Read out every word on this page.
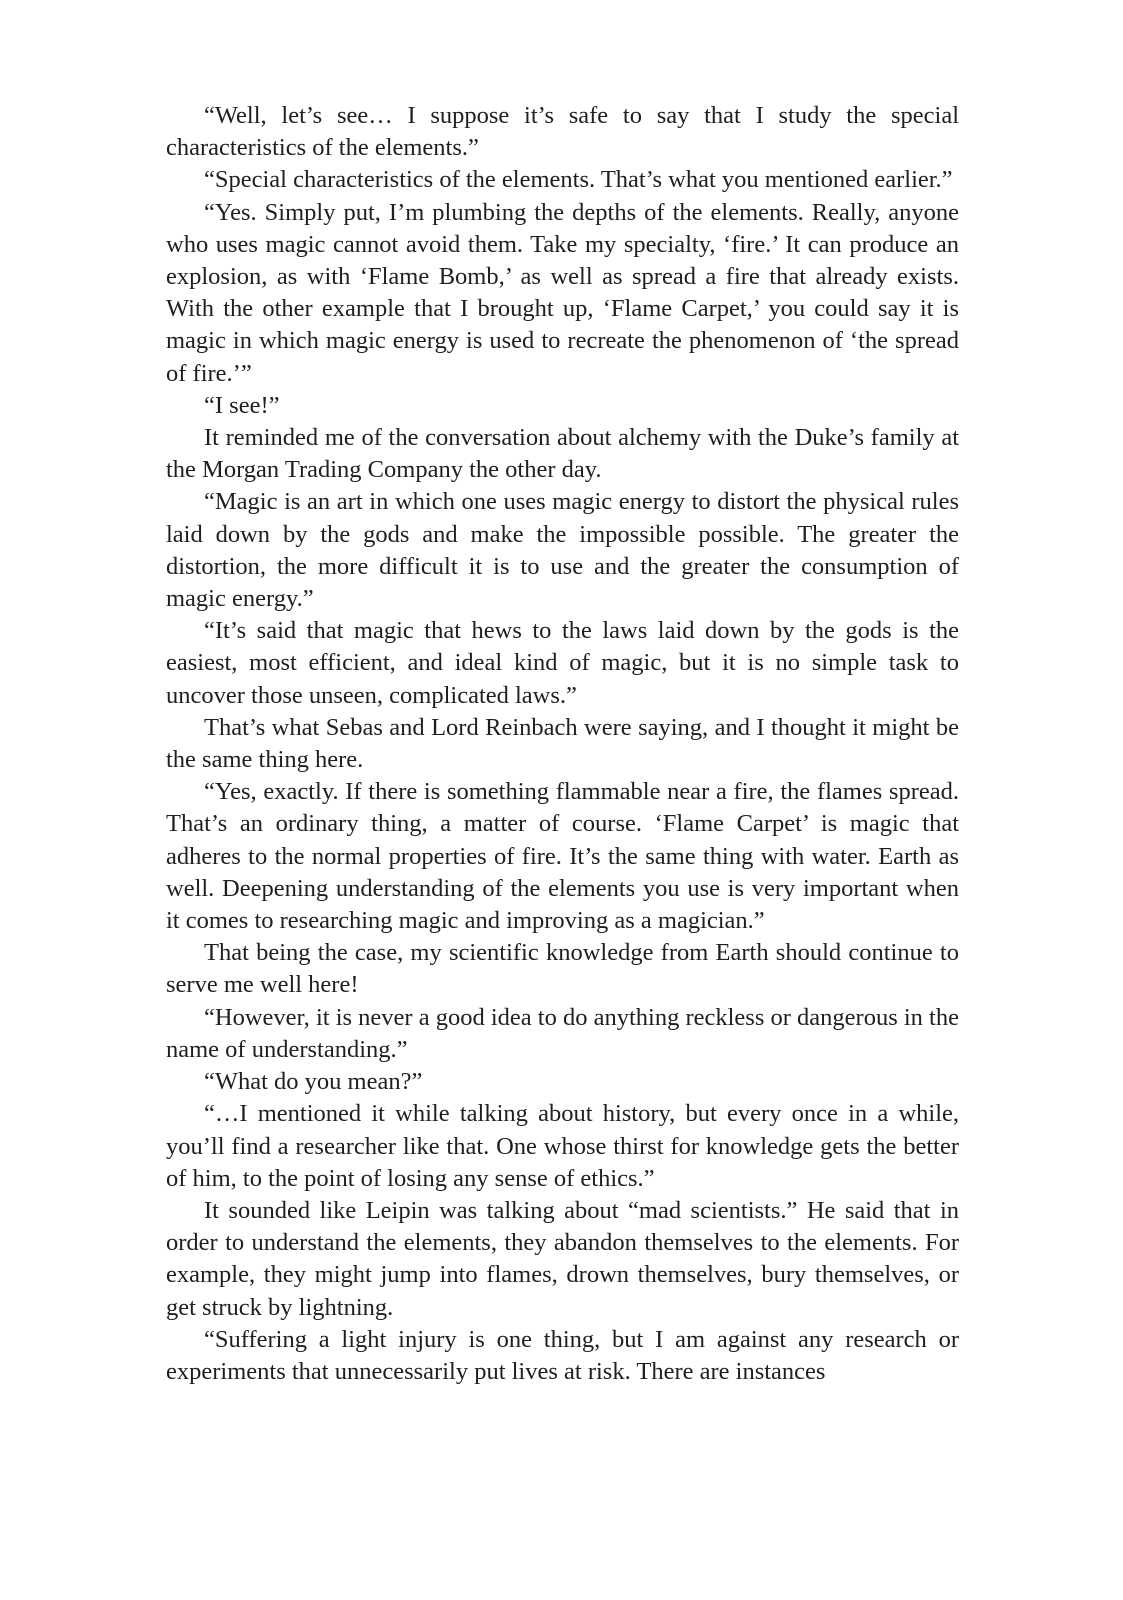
“Well, let’s see… I suppose it’s safe to say that I study the special characteristics of the elements.”

“Special characteristics of the elements. That’s what you mentioned earlier.”

“Yes. Simply put, I’m plumbing the depths of the elements. Really, anyone who uses magic cannot avoid them. Take my specialty, ‘fire.’ It can produce an explosion, as with ‘Flame Bomb,’ as well as spread a fire that already exists. With the other example that I brought up, ‘Flame Carpet,’ you could say it is magic in which magic energy is used to recreate the phenomenon of ‘the spread of fire.’”

“I see!”

It reminded me of the conversation about alchemy with the Duke’s family at the Morgan Trading Company the other day.

“Magic is an art in which one uses magic energy to distort the physical rules laid down by the gods and make the impossible possible. The greater the distortion, the more difficult it is to use and the greater the consumption of magic energy.”

“It’s said that magic that hews to the laws laid down by the gods is the easiest, most efficient, and ideal kind of magic, but it is no simple task to uncover those unseen, complicated laws.”

That’s what Sebas and Lord Reinbach were saying, and I thought it might be the same thing here.

“Yes, exactly. If there is something flammable near a fire, the flames spread. That’s an ordinary thing, a matter of course. ‘Flame Carpet’ is magic that adheres to the normal properties of fire. It’s the same thing with water. Earth as well. Deepening understanding of the elements you use is very important when it comes to researching magic and improving as a magician.”

That being the case, my scientific knowledge from Earth should continue to serve me well here!

“However, it is never a good idea to do anything reckless or dangerous in the name of understanding.”

“What do you mean?”

“…I mentioned it while talking about history, but every once in a while, you’ll find a researcher like that. One whose thirst for knowledge gets the better of him, to the point of losing any sense of ethics.”

It sounded like Leipin was talking about “mad scientists.” He said that in order to understand the elements, they abandon themselves to the elements. For example, they might jump into flames, drown themselves, bury themselves, or get struck by lightning.

“Suffering a light injury is one thing, but I am against any research or experiments that unnecessarily put lives at risk. There are instances
